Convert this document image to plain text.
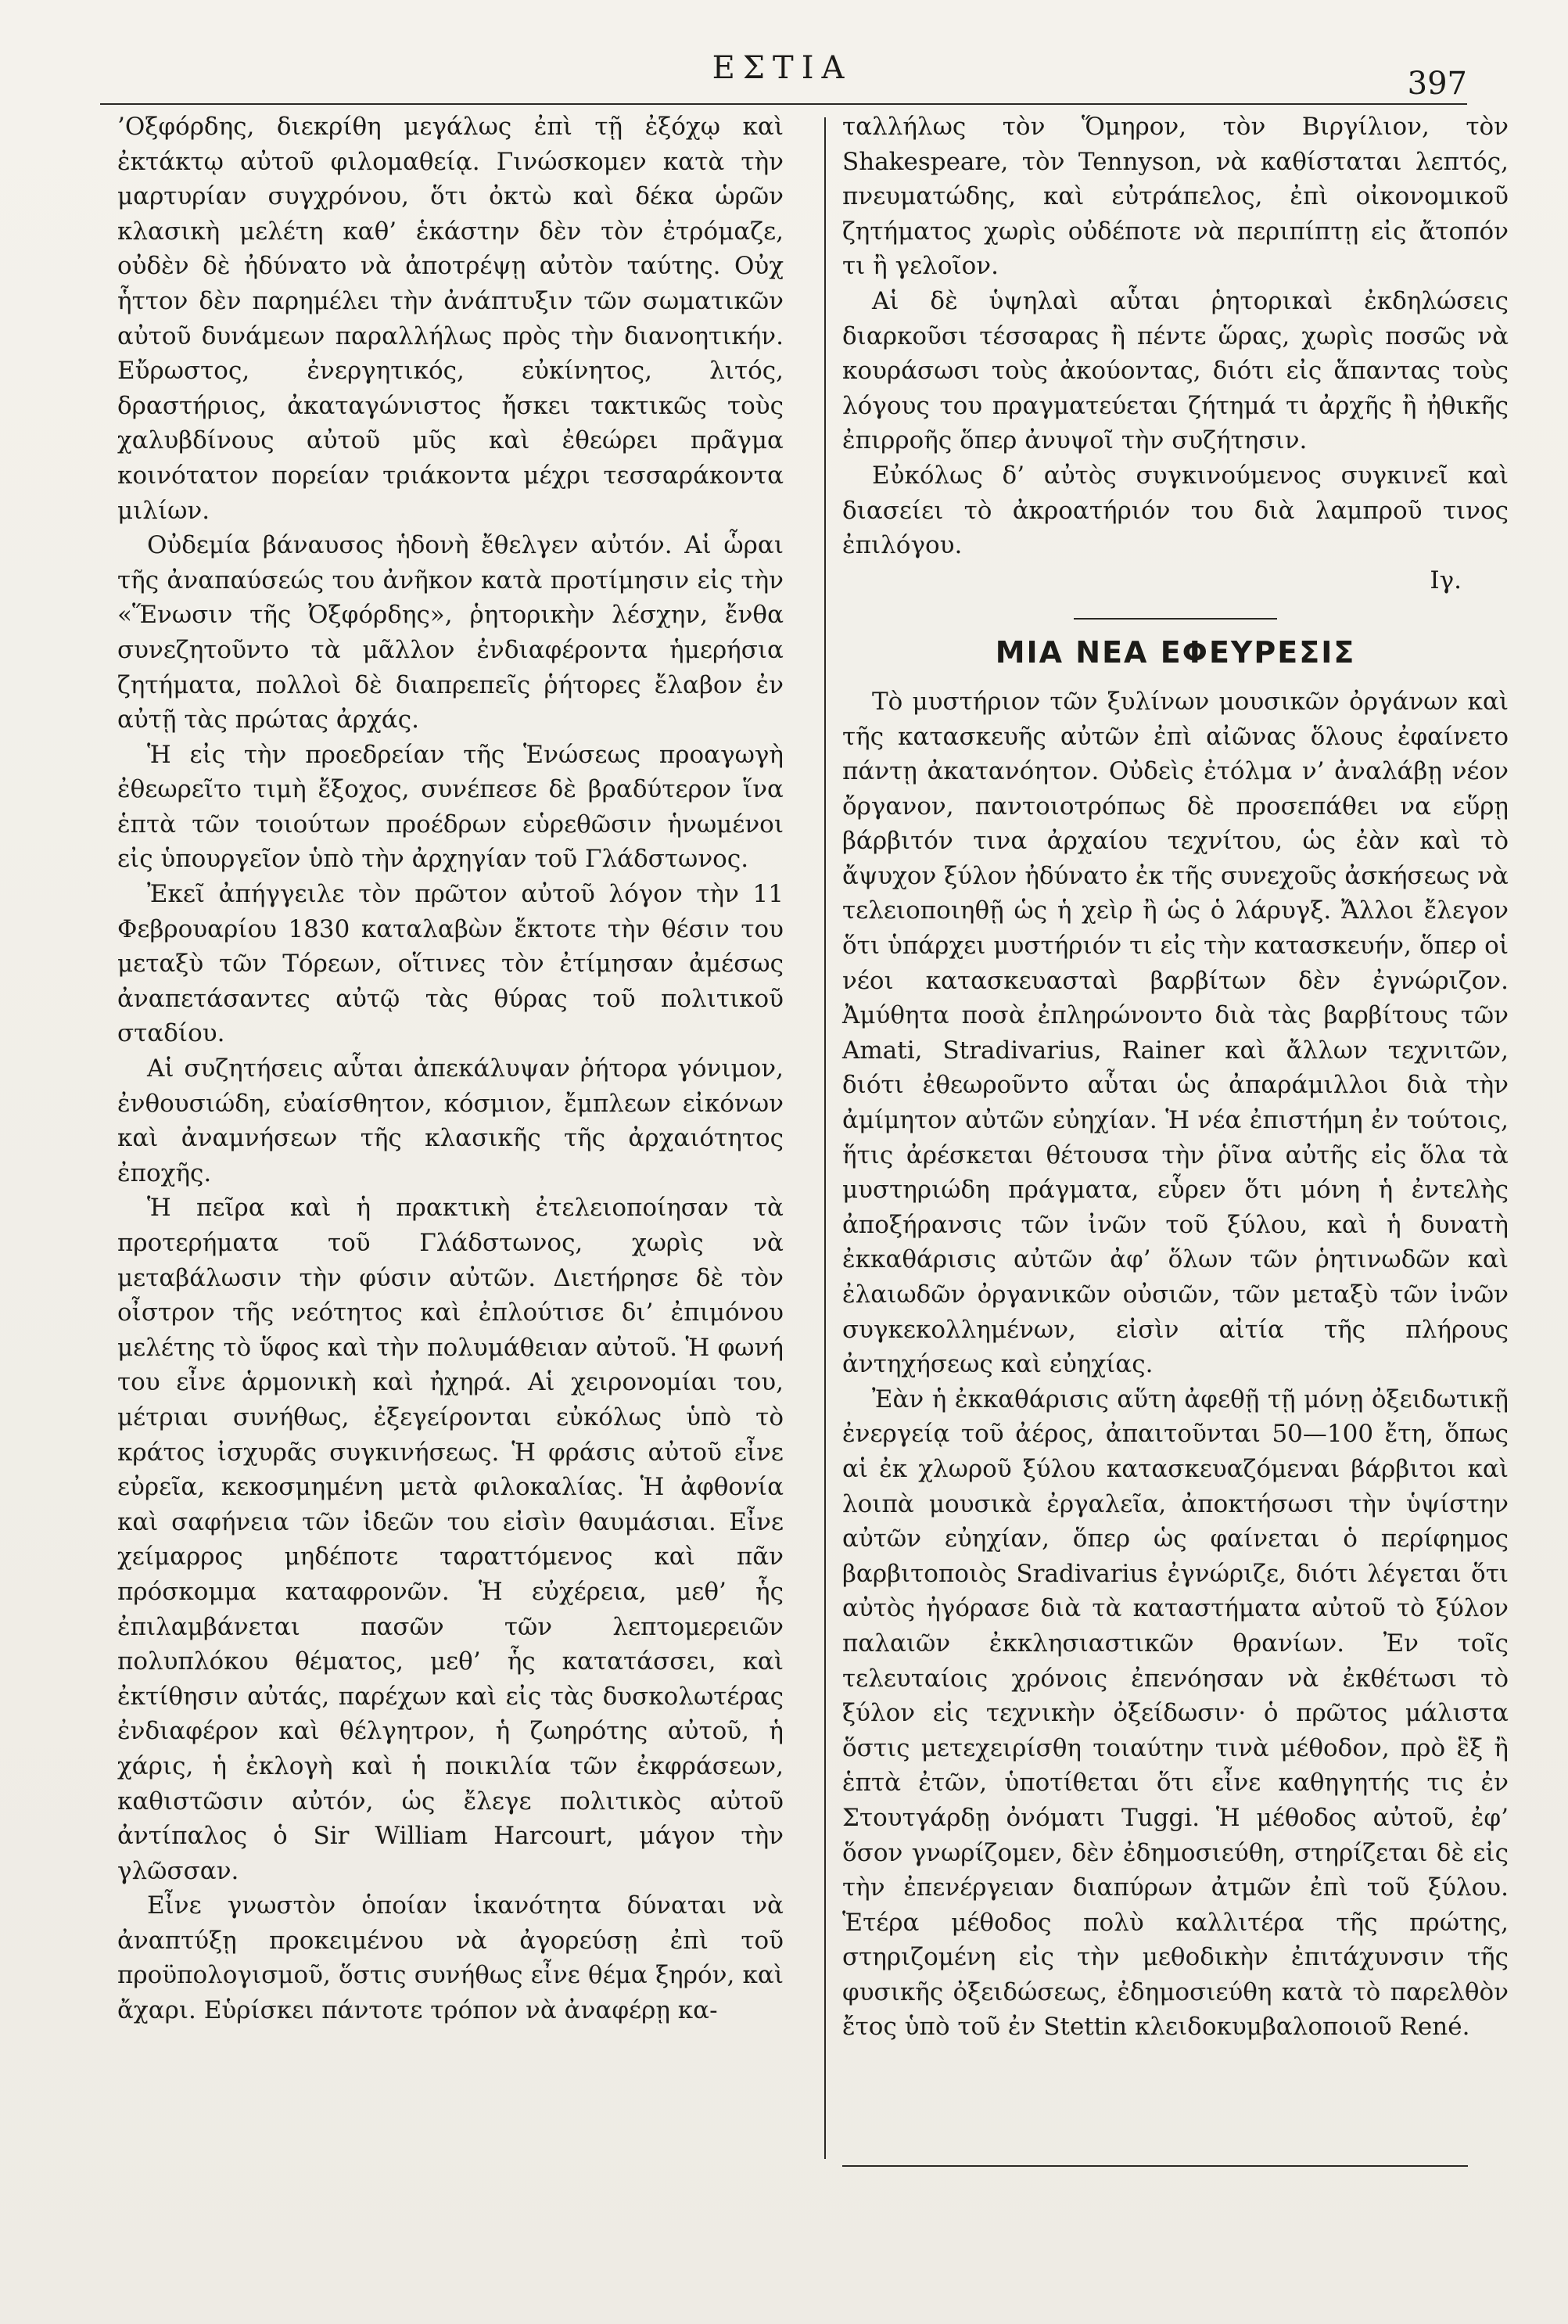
ΕΣΤΙΑ	397

’Οξφόρδης, διεκρίθη μεγάλως ἐπὶ τῇ ἐξόχῳ καὶ ἐκτάκτῳ αὐτοῦ φιλομαθείᾳ. Γινώσκομεν κατὰ τὴν μαρτυρίαν συγχρόνου, ὅτι ὀκτὼ καὶ δέκα ὡρῶν κλασικὴ μελέτη καθ’ ἑκάστην δὲν τὸν ἐτρόμαζε, οὐδὲν δὲ ἠδύνατο νὰ ἀποτρέψῃ αὐτὸν ταύτης. Οὐχ ἧττον δὲν παρημέλει τὴν ἀνάπτυξιν τῶν σωματικῶν αὐτοῦ δυνάμεων παραλλήλως πρὸς τὴν διανοητικήν. Εὔρωστος, ἐνεργητικός, εὐκίνητος, λιτός, δραστήριος, ἀκαταγώνιστος ἤσκει τακτικῶς τοὺς χαλυβδίνους αὐτοῦ μῦς καὶ ἐθεώρει πρᾶγμα κοινότατον πορείαν τριάκοντα μέχρι τεσσαράκοντα μιλίων.

Οὐδεμία βάναυσος ἡδονὴ ἔθελγεν αὐτόν. Αἱ ὧραι τῆς ἀναπαύσεώς του ἀνῆκον κατὰ προτίμησιν εἰς τὴν «Ἕνωσιν τῆς Ὀξφόρδης», ῥητορικὴν λέσχην, ἔνθα συνεζητοῦντο τὰ μᾶλλον ἐνδιαφέροντα ἡμερήσια ζητήματα, πολλοὶ δὲ διαπρεπεῖς ῥήτορες ἔλαβον ἐν αὐτῇ τὰς πρώτας ἀρχάς.

Ἡ εἰς τὴν προεδρείαν τῆς Ἑνώσεως προαγωγὴ ἐθεωρεῖτο τιμὴ ἔξοχος, συνέπεσε δὲ βραδύτερον ἵνα ἑπτὰ τῶν τοιούτων προέδρων εὑρεθῶσιν ἡνωμένοι εἰς ὑπουργεῖον ὑπὸ τὴν ἀρχηγίαν τοῦ Γλάδστωνος.

Ἐκεῖ ἀπήγγειλε τὸν πρῶτον αὐτοῦ λόγον τὴν 11 Φεβρουαρίου 1830 καταλαβὼν ἔκτοτε τὴν θέσιν του μεταξὺ τῶν Τόρεων, οἵτινες τὸν ἐτίμησαν ἀμέσως ἀναπετάσαντες αὐτῷ τὰς θύρας τοῦ πολιτικοῦ σταδίου.

Αἱ συζητήσεις αὗται ἀπεκάλυψαν ῥήτορα γόνιμον, ἐνθουσιώδη, εὐαίσθητον, κόσμιον, ἔμπλεων εἰκόνων καὶ ἀναμνήσεων τῆς κλασικῆς τῆς ἀρχαιότητος ἐποχῆς.

Ἡ πεῖρα καὶ ἡ πρακτικὴ ἐτελειοποίησαν τὰ προτερήματα τοῦ Γλάδστωνος, χωρὶς νὰ μεταβάλωσιν τὴν φύσιν αὐτῶν. Διετήρησε δὲ τὸν οἶστρον τῆς νεότητος καὶ ἐπλούτισε δι’ ἐπιμόνου μελέτης τὸ ὕφος καὶ τὴν πολυμάθειαν αὐτοῦ. Ἡ φωνή του εἶνε ἁρμονικὴ καὶ ἠχηρά. Αἱ χειρονομίαι του, μέτριαι συνήθως, ἐξεγείρονται εὐκόλως ὑπὸ τὸ κράτος ἰσχυρᾶς συγκινήσεως. Ἡ φράσις αὐτοῦ εἶνε εὐρεῖα, κεκοσμημένη μετὰ φιλοκαλίας. Ἡ ἀφθονία καὶ σαφήνεια τῶν ἰδεῶν του εἰσὶν θαυμάσιαι. Εἶνε χείμαρρος μηδέποτε ταραττόμενος καὶ πᾶν πρόσκομμα καταφρονῶν. Ἡ εὐχέρεια, μεθ’ ἧς ἐπιλαμβάνεται πασῶν τῶν λεπτομερειῶν πολυπλόκου θέματος, μεθ’ ἧς κατατάσσει, καὶ ἐκτίθησιν αὐτάς, παρέχων καὶ εἰς τὰς δυσκολωτέρας ἐνδιαφέρον καὶ θέλγητρον, ἡ ζωηρότης αὐτοῦ, ἡ χάρις, ἡ ἐκλογὴ καὶ ἡ ποικιλία τῶν ἐκφράσεων, καθιστῶσιν αὐτόν, ὡς ἔλεγε πολιτικὸς αὐτοῦ ἀντίπαλος ὁ Sir William Harcourt, μάγον τὴν γλῶσσαν.

Εἶνε γνωστὸν ὁποίαν ἱκανότητα δύναται νὰ ἀναπτύξῃ προκειμένου νὰ ἀγορεύσῃ ἐπὶ τοῦ προϋπολογισμοῦ, ὅστις συνήθως εἶνε θέμα ξηρόν, καὶ ἄχαρι. Εὑρίσκει πάντοτε τρόπον νὰ ἀναφέρῃ κα-

ταλλήλως τὸν Ὅμηρον, τὸν Βιργίλιον, τὸν Shakespeare, τὸν Tennyson, νὰ καθίσταται λεπτός, πνευματώδης, καὶ εὐτράπελος, ἐπὶ οἰκονομικοῦ ζητήματος χωρὶς οὐδέποτε νὰ περιπίπτῃ εἰς ἄτοπόν τι ἢ γελοῖον.

Αἱ δὲ ὑψηλαὶ αὗται ῥητορικαὶ ἐκδηλώσεις διαρκοῦσι τέσσαρας ἢ πέντε ὥρας, χωρὶς ποσῶς νὰ κουράσωσι τοὺς ἀκούοντας, διότι εἰς ἅπαντας τοὺς λόγους του πραγματεύεται ζήτημά τι ἀρχῆς ἢ ἠθικῆς ἐπιρροῆς ὅπερ ἀνυψοῖ τὴν συζήτησιν.

Εὐκόλως δ’ αὐτὸς συγκινούμενος συγκινεῖ καὶ διασείει τὸ ἀκροατήριόν του διὰ λαμπροῦ τινος ἐπιλόγου.

Ιγ.

ΜΙΑ ΝΕΑ ΕΦΕΥΡΕΣΙΣ

Τὸ μυστήριον τῶν ξυλίνων μουσικῶν ὀργάνων καὶ τῆς κατασκευῆς αὐτῶν ἐπὶ αἰῶνας ὅλους ἐφαίνετο πάντῃ ἀκατανόητον. Οὐδεὶς ἐτόλμα ν’ ἀναλάβῃ νέον ὄργανον, παντοιοτρόπως δὲ προσεπάθει να εὕρῃ βάρβιτόν τινα ἀρχαίου τεχνίτου, ὡς ἐὰν καὶ τὸ ἄψυχον ξύλον ἠδύνατο ἐκ τῆς συνεχοῦς ἀσκήσεως νὰ τελειοποιηθῇ ὡς ἡ χεὶρ ἢ ὡς ὁ λάρυγξ. Ἄλλοι ἔλεγον ὅτι ὑπάρχει μυστήριόν τι εἰς τὴν κατασκευήν, ὅπερ οἱ νέοι κατασκευασταὶ βαρβίτων δὲν ἐγνώριζον. Ἀμύθητα ποσὰ ἐπληρώνοντο διὰ τὰς βαρβίτους τῶν Amati, Stradivarius, Rainer καὶ ἄλλων τεχνιτῶν, διότι ἐθεωροῦντο αὗται ὡς ἀπαράμιλλοι διὰ τὴν ἀμίμητον αὐτῶν εὐηχίαν. Ἡ νέα ἐπιστήμη ἐν τούτοις, ἥτις ἀρέσκεται θέτουσα τὴν ῥῖνα αὐτῆς εἰς ὅλα τὰ μυστηριώδη πράγματα, εὗρεν ὅτι μόνη ἡ ἐντελὴς ἀποξήρανσις τῶν ἰνῶν τοῦ ξύλου, καὶ ἡ δυνατὴ ἐκκαθάρισις αὐτῶν ἀφ’ ὅλων τῶν ῥητινωδῶν καὶ ἐλαιωδῶν ὀργανικῶν οὐσιῶν, τῶν μεταξὺ τῶν ἰνῶν συγκεκολλημένων, εἰσὶν αἰτία τῆς πλήρους ἀντηχήσεως καὶ εὐηχίας.

Ἐὰν ἡ ἐκκαθάρισις αὕτη ἀφεθῇ τῇ μόνῃ ὀξειδωτικῇ ἐνεργείᾳ τοῦ ἀέρος, ἀπαιτοῦνται 50—100 ἔτη, ὅπως αἱ ἐκ χλωροῦ ξύλου κατασκευαζόμεναι βάρβιτοι καὶ λοιπὰ μουσικὰ ἐργαλεῖα, ἀποκτήσωσι τὴν ὑψίστην αὐτῶν εὐηχίαν, ὅπερ ὡς φαίνεται ὁ περίφημος βαρβιτοποιὸς Sradivarius ἐγνώριζε, διότι λέγεται ὅτι αὐτὸς ἠγόρασε διὰ τὰ καταστήματα αὐτοῦ τὸ ξύλον παλαιῶν ἐκκλησιαστικῶν θρανίων. Ἐν τοῖς τελευταίοις χρόνοις ἐπενόησαν νὰ ἐκθέτωσι τὸ ξύλον εἰς τεχνικὴν ὀξείδωσιν· ὁ πρῶτος μάλιστα ὅστις μετεχειρίσθη τοιαύτην τινὰ μέθοδον, πρὸ ἓξ ἢ ἑπτὰ ἐτῶν, ὑποτίθεται ὅτι εἶνε καθηγητής τις ἐν Στουτγάρδῃ ὀνόματι Tuggi. Ἡ μέθοδος αὐτοῦ, ἐφ’ ὅσον γνωρίζομεν, δὲν ἐδημοσιεύθη, στηρίζεται δὲ εἰς τὴν ἐπενέργειαν διαπύρων ἀτμῶν ἐπὶ τοῦ ξύλου. Ἑτέρα μέθοδος πολὺ καλλιτέρα τῆς πρώτης, στηριζομένη εἰς τὴν μεθοδικὴν ἐπιτάχυνσιν τῆς φυσικῆς ὀξειδώσεως, ἐδημοσιεύθη κατὰ τὸ παρελθὸν ἔτος ὑπὸ τοῦ ἐν Stettin κλειδοκυμβαλοποιοῦ René.
